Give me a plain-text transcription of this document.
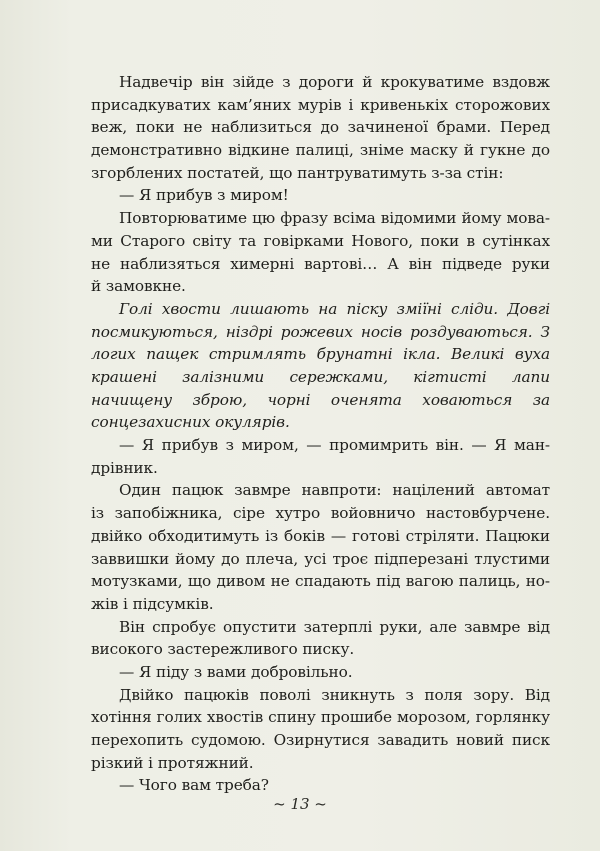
Надвечір він зійде з дороги й крокуватиме вздовж
присадкуватих кам’яних мурів і кривенькіх сторожових
веж, поки не наблизиться до зачиненої брами. Перед
демонстративно відкине палиці, зніме маску й гукне до
згорблених постатей, що пантруватимуть з-за стін:
— Я прибув з миром!
Повторюватиме цю фразу всіма відомими йому мова-
ми Старого світу та говірками Нового, поки в сутінках
не наблизяться химерні вартові… А він підведе руки
й замовкне.
Голі хвости лишають на піску зміїні сліди. Довгі
посмикуються, ніздрі рожевих носів роздуваються. З
логих пащек стримлять брунатні ікла. Великі вуха
крашені залізними сережками, кігтисті лапи
начищену зброю, чорні оченята ховаються за
сонцезахисних окулярів.
— Я прибув з миром, — промимрить він. — Я ман-
дрівник.
Один пацюк завмре навпроти: націлений автомат
із запобіжника, сіре хутро войовничо настовбурчене.
двійко обходитимуть із боків — готові стріляти. Пацюки
заввишки йому до плеча, усі троє підперезані тлустими
мотузками, що дивом не спадають під вагою палиць, но-
жів і підсумків.
Він спробує опустити затерплі руки, але завмре від
високого застережливого писку.
— Я піду з вами добровільно.
Двійко пацюків поволі зникнуть з поля зору. Від
хотіння голих хвостів спину прошибе морозом, горлянку
перехопить судомою. Озирнутися завадить новий писк
різкий і протяжний.
— Чого вам треба?
~ 13 ~
